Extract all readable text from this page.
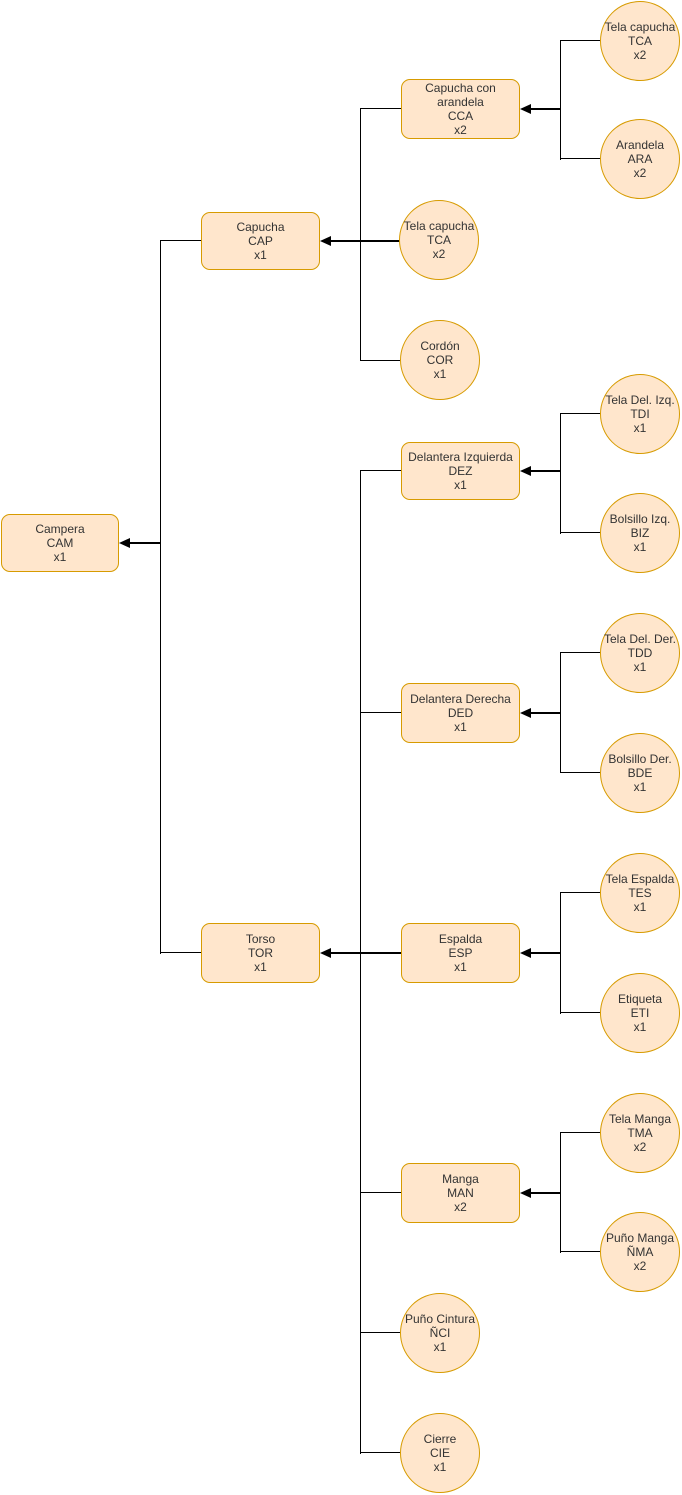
Campera
CAM
x1
Capucha
CAP
x1
Torso
TOR
x1
Capucha con arandela
CCA
x2
Delantera Izquierda
DEZ
x1
Delantera Derecha
DED
x1
Espalda
ESP
x1
Manga
MAN
x2
Tela capucha
TCA
x2
Arandela
ARA
x2
Tela capucha
TCA
x2
Cordón
COR
x1
Tela Del. Izq.
TDI
x1
Bolsillo Izq.
BIZ
x1
Tela Del. Der.
TDD
x1
Bolsillo Der.
BDE
x1
Tela Espalda
TES
x1
Etiqueta
ETI
x1
Tela Manga
TMA
x2
Puño Manga
ÑMA
x2
Puño Cintura
ÑCI
x1
Cierre
CIE
x1
